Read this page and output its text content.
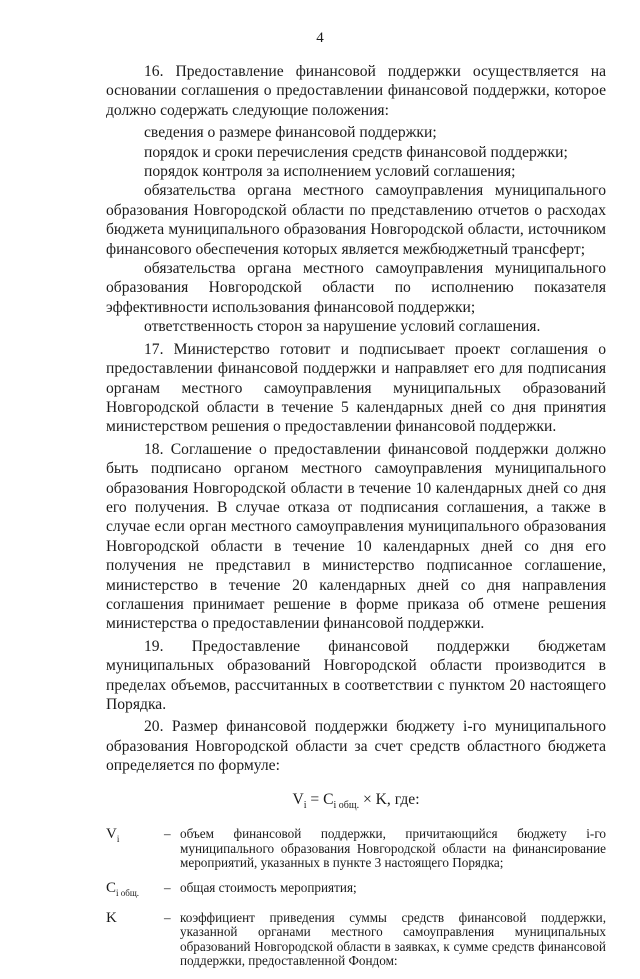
4

16. Предоставление финансовой поддержки осуществляется на основании соглашения о предоставлении финансовой поддержки, которое должно содержать следующие положения:

сведения о размере финансовой поддержки;

порядок и сроки перечисления средств финансовой поддержки;

порядок контроля за исполнением условий соглашения;

обязательства органа местного самоуправления муниципального образования Новгородской области по представлению отчетов о расходах бюджета муниципального образования Новгородской области, источником финансового обеспечения которых является межбюджетный трансферт;

обязательства органа местного самоуправления муниципального образования Новгородской области по исполнению показателя эффективности использования финансовой поддержки;

ответственность сторон за нарушение условий соглашения.

17. Министерство готовит и подписывает проект соглашения о предоставлении финансовой поддержки и направляет его для подписания органам местного самоуправления муниципальных образований Новгородской области в течение 5 календарных дней со дня принятия министерством решения о предоставлении финансовой поддержки.

18. Соглашение о предоставлении финансовой поддержки должно быть подписано органом местного самоуправления муниципального образования Новгородской области в течение 10 календарных дней со дня его получения. В случае отказа от подписания соглашения, а также в случае если орган местного самоуправления муниципального образования Новгородской области в течение 10 календарных дней со дня его получения не представил в министерство подписанное соглашение, министерство в течение 20 календарных дней со дня направления соглашения принимает решение в форме приказа об отмене решения министерства о предоставлении финансовой поддержки.

19. Предоставление финансовой поддержки бюджетам муниципальных образований Новгородской области производится в пределах объемов, рассчитанных в соответствии с пунктом 20 настоящего Порядка.

20. Размер финансовой поддержки бюджету i-го муниципального образования Новгородской области за счет средств областного бюджета определяется по формуле:

$V_i = C_{i общ.} \times K$, где:
$V_i$	– объем финансовой поддержки, причитающийся бюджету i-го муниципального образования Новгородской области на финансирование мероприятий, указанных в пункте 3 настоящего Порядка;
$C_{i общ.}$	– общая стоимость мероприятия;
K	– коэффициент приведения суммы средств финансовой поддержки, указанной органами местного самоуправления муниципальных образований Новгородской области в заявках, к сумме средств финансовой поддержки, предоставленной Фондом:
